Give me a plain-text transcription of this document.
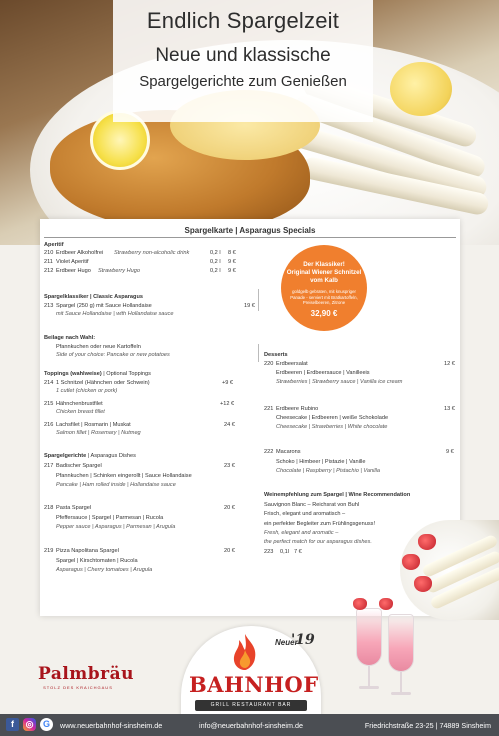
Endlich Spargelzeit
Neue und klassische
Spargelgerichte zum Genießen
Spargelkarte | Asparagus Specials
Aperitif
210 Erdbeer Alkoholfrei Strawberry non-alcoholic drink	0,2 l 8 €
211 Violet Aperitif	0,2 l 9 €
212 Erdbeer Hugo Strawberry Hugo	0,2 l 9 €
Spargelklassiker | Classic Asparagus
213 Spargel (250 g) mit Sauce Hollandaise
mit Sauce Hollandaise | with Hollandaise sauce
19 €
Beilage nach Wahl:
Pfannkuchen oder neue Kartoffeln
Side of your choice: Pancake or new potatoes
Toppings (wahlweise) | Optional Toppings
214 1 Schnitzel (Hähnchen oder Schwein)
1 cutlet (chicken or pork)
+9 €
215 Hähnchenbrustfilet
Chicken breast fillet
+12 €
216 Lachsfilet | Rosmarin | Muskat
Salmon fillet | Rosemary | Nutmeg
24 €
Spargelgerichte | Asparagus Dishes
217 Badischer Spargel
Pfannkuchen | Schinken eingerollt | Sauce Hollandaise
Pancake | Ham rolled inside | Hollandaise sauce
23 €
218 Pasta Spargel
Pfeffersauce | Spargel | Parmesan | Rucola
Pepper sauce | Asparagus | Parmesan | Arugula
20 €
219 Pizza Napolitana Spargel
Spargel | Kirschtomaten | Rucola
Asparagus | Cherry tomatoes | Arugula
20 €
Desserts
220 Erdbeersalat
Erdbeeren | Erdbeersauce | Vanilleeis
Strawberries | Strawberry sauce | Vanilla ice cream
12 €
221 Erdbeere Rubino
Cheesecake | Erdbeeren | weiße Schokolade
Cheesecake | Strawberries | White chocolate
13 €
222 Macarons
Schoko | Himbeer | Pistazie | Vanille
Chocolate | Raspberry | Pistachio | Vanilla
9 €
Weinempfehlung zum Spargel | Wine Recommendation
Sauvignon Blanc – Reichsrat von Buhl
Frisch, elegant und aromatisch –
ein perfekter Begleiter zum Frühlingsgenuss!
Fresh, elegant and aromatic –
the perfect match for our asparagus dishes.
223 0,1l 7 €
Der Klassiker!
Original Wiener Schnitzel
vom Kalb
goldgelb gebraten, mit knuspriger
Panade - serviert mit Bratkartoffeln,
Preiselbeeren, Zitrone
32,90 €
Palmbräu
STOLZ DES KRAICHGAUS
Neuer
'19
BAHNHOF
GRILL RESTAURANT BAR
f	◎	G	www.neuerbahnhof-sinsheim.de	info@neuerbahnhof-sinsheim.de	Friedrichstraße 23-25 | 74889 Sinsheim
